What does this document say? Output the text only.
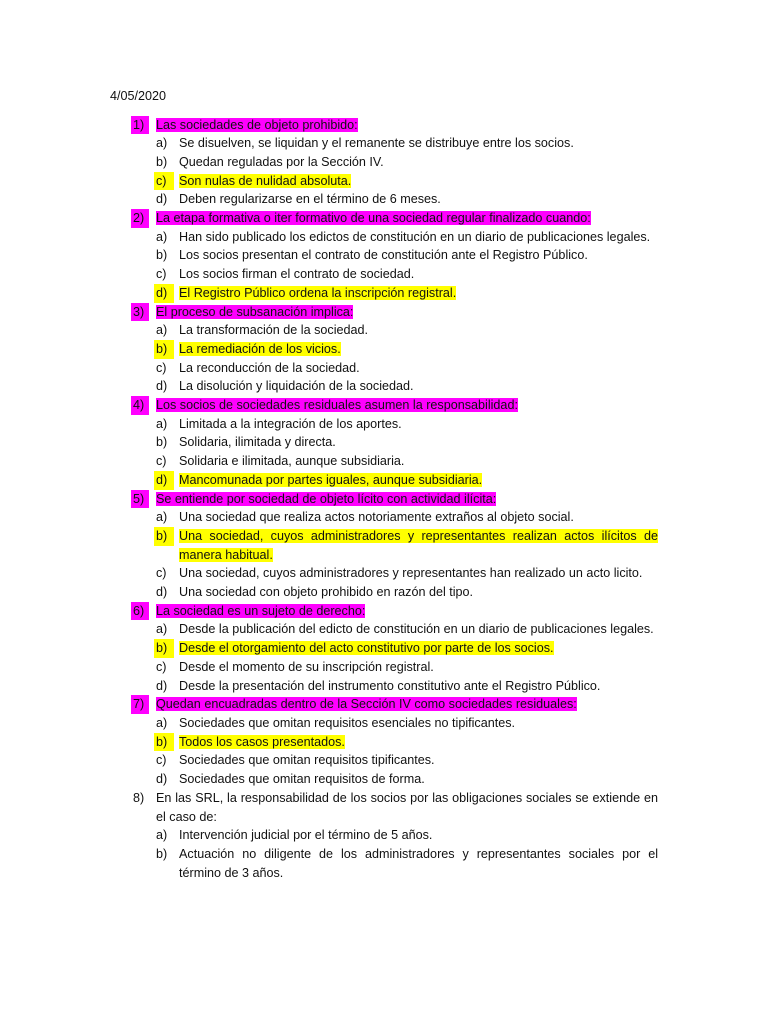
4/05/2020
1) Las sociedades de objeto prohibido:
a) Se disuelven, se liquidan y el remanente se distribuye entre los socios.
b) Quedan reguladas por la Sección IV.
c) Son nulas de nulidad absoluta.
d) Deben regularizarse en el término de 6 meses.
2) La etapa formativa o iter formativo de una sociedad regular finalizado cuando:
a) Han sido publicado los edictos de constitución en un diario de publicaciones legales.
b) Los socios presentan el contrato de constitución ante el Registro Público.
c) Los socios firman el contrato de sociedad.
d) El Registro Público ordena la inscripción registral.
3) El proceso de subsanación implica:
a) La transformación de la sociedad.
b) La remediación de los vicios.
c) La reconducción de la sociedad.
d) La disolución y liquidación de la sociedad.
4) Los socios de sociedades residuales asumen la responsabilidad:
a) Limitada a la integración de los aportes.
b) Solidaria, ilimitada y directa.
c) Solidaria e ilimitada, aunque subsidiaria.
d) Mancomunada por partes iguales, aunque subsidiaria.
5) Se entiende por sociedad de objeto lícito con actividad ilícita:
a) Una sociedad que realiza actos notoriamente extraños al objeto social.
b) Una sociedad, cuyos administradores y representantes realizan actos ilícitos de manera habitual.
c) Una sociedad, cuyos administradores y representantes han realizado un acto licito.
d) Una sociedad con objeto prohibido en razón del tipo.
6) La sociedad es un sujeto de derecho:
a) Desde la publicación del edicto de constitución en un diario de publicaciones legales.
b) Desde el otorgamiento del acto constitutivo por parte de los socios.
c) Desde el momento de su inscripción registral.
d) Desde la presentación del instrumento constitutivo ante el Registro Público.
7) Quedan encuadradas dentro de la Sección IV como sociedades residuales:
a) Sociedades que omitan requisitos esenciales no tipificantes.
b) Todos los casos presentados.
c) Sociedades que omitan requisitos tipificantes.
d) Sociedades que omitan requisitos de forma.
8) En las SRL, la responsabilidad de los socios por las obligaciones sociales se extiende en el caso de:
a) Intervención judicial por el término de 5 años.
b) Actuación no diligente de los administradores y representantes sociales por el término de 3 años.
